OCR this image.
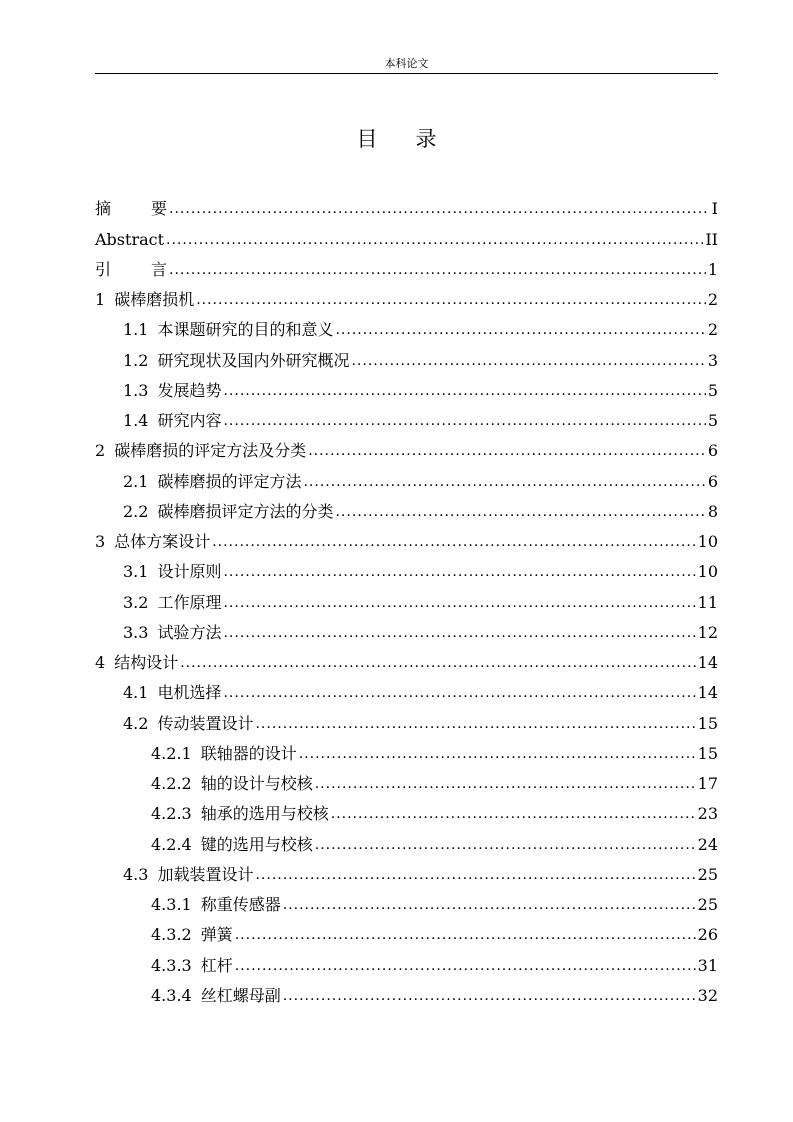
本科论文
目录
摘	要 .....	I
Abstract .....	II
引	言 .....	1
1 碳棒磨损机 .....	2
1.1 本课题研究的目的和意义 .....	2
1.2 研究现状及国内外研究概况 .....	3
1.3 发展趋势 .....	5
1.4 研究内容 .....	5
2 碳棒磨损的评定方法及分类 .....	6
2.1 碳棒磨损的评定方法 .....	6
2.2 碳棒磨损评定方法的分类 .....	8
3 总体方案设计 .....	10
3.1 设计原则 .....	10
3.2 工作原理 .....	11
3.3 试验方法 .....	12
4 结构设计 .....	14
4.1 电机选择 .....	14
4.2 传动装置设计 .....	15
4.2.1 联轴器的设计 .....	15
4.2.2 轴的设计与校核 .....	17
4.2.3 轴承的选用与校核 .....	23
4.2.4 键的选用与校核 .....	24
4.3 加载装置设计 .....	25
4.3.1 称重传感器 .....	25
4.3.2 弹簧 .....	26
4.3.3 杠杆 .....	31
4.3.4 丝杠螺母副 .....	32
